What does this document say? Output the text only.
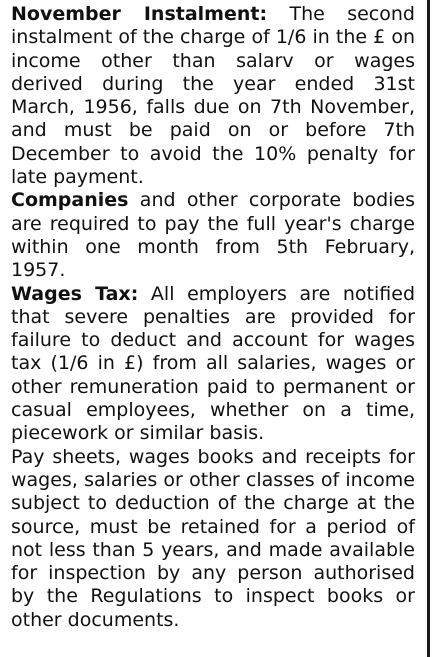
November Instalment: The second instalment of the charge of 1/6 in the £ on income other than salarv or wages derived during the year ended 31st March, 1956, falls due on 7th November, and must be paid on or before 7th December to avoid the 10% penalty for late payment.

Companies and other corporate bodies are required to pay the full year's charge within one month from 5th February, 1957.

Wages Tax: All employers are notified that severe penalties are provided for failure to deduct and account for wages tax (1/6 in £) from all salaries, wages or other remuneration paid to permanent or casual employees, whether on a time, piecework or similar basis.

Pay sheets, wages books and receipts for wages, salaries or other classes of income subject to deduction of the charge at the source, must be retained for a period of not less than 5 years, and made available for inspection by any person authorised by the Regulations to inspect books or other documents.
